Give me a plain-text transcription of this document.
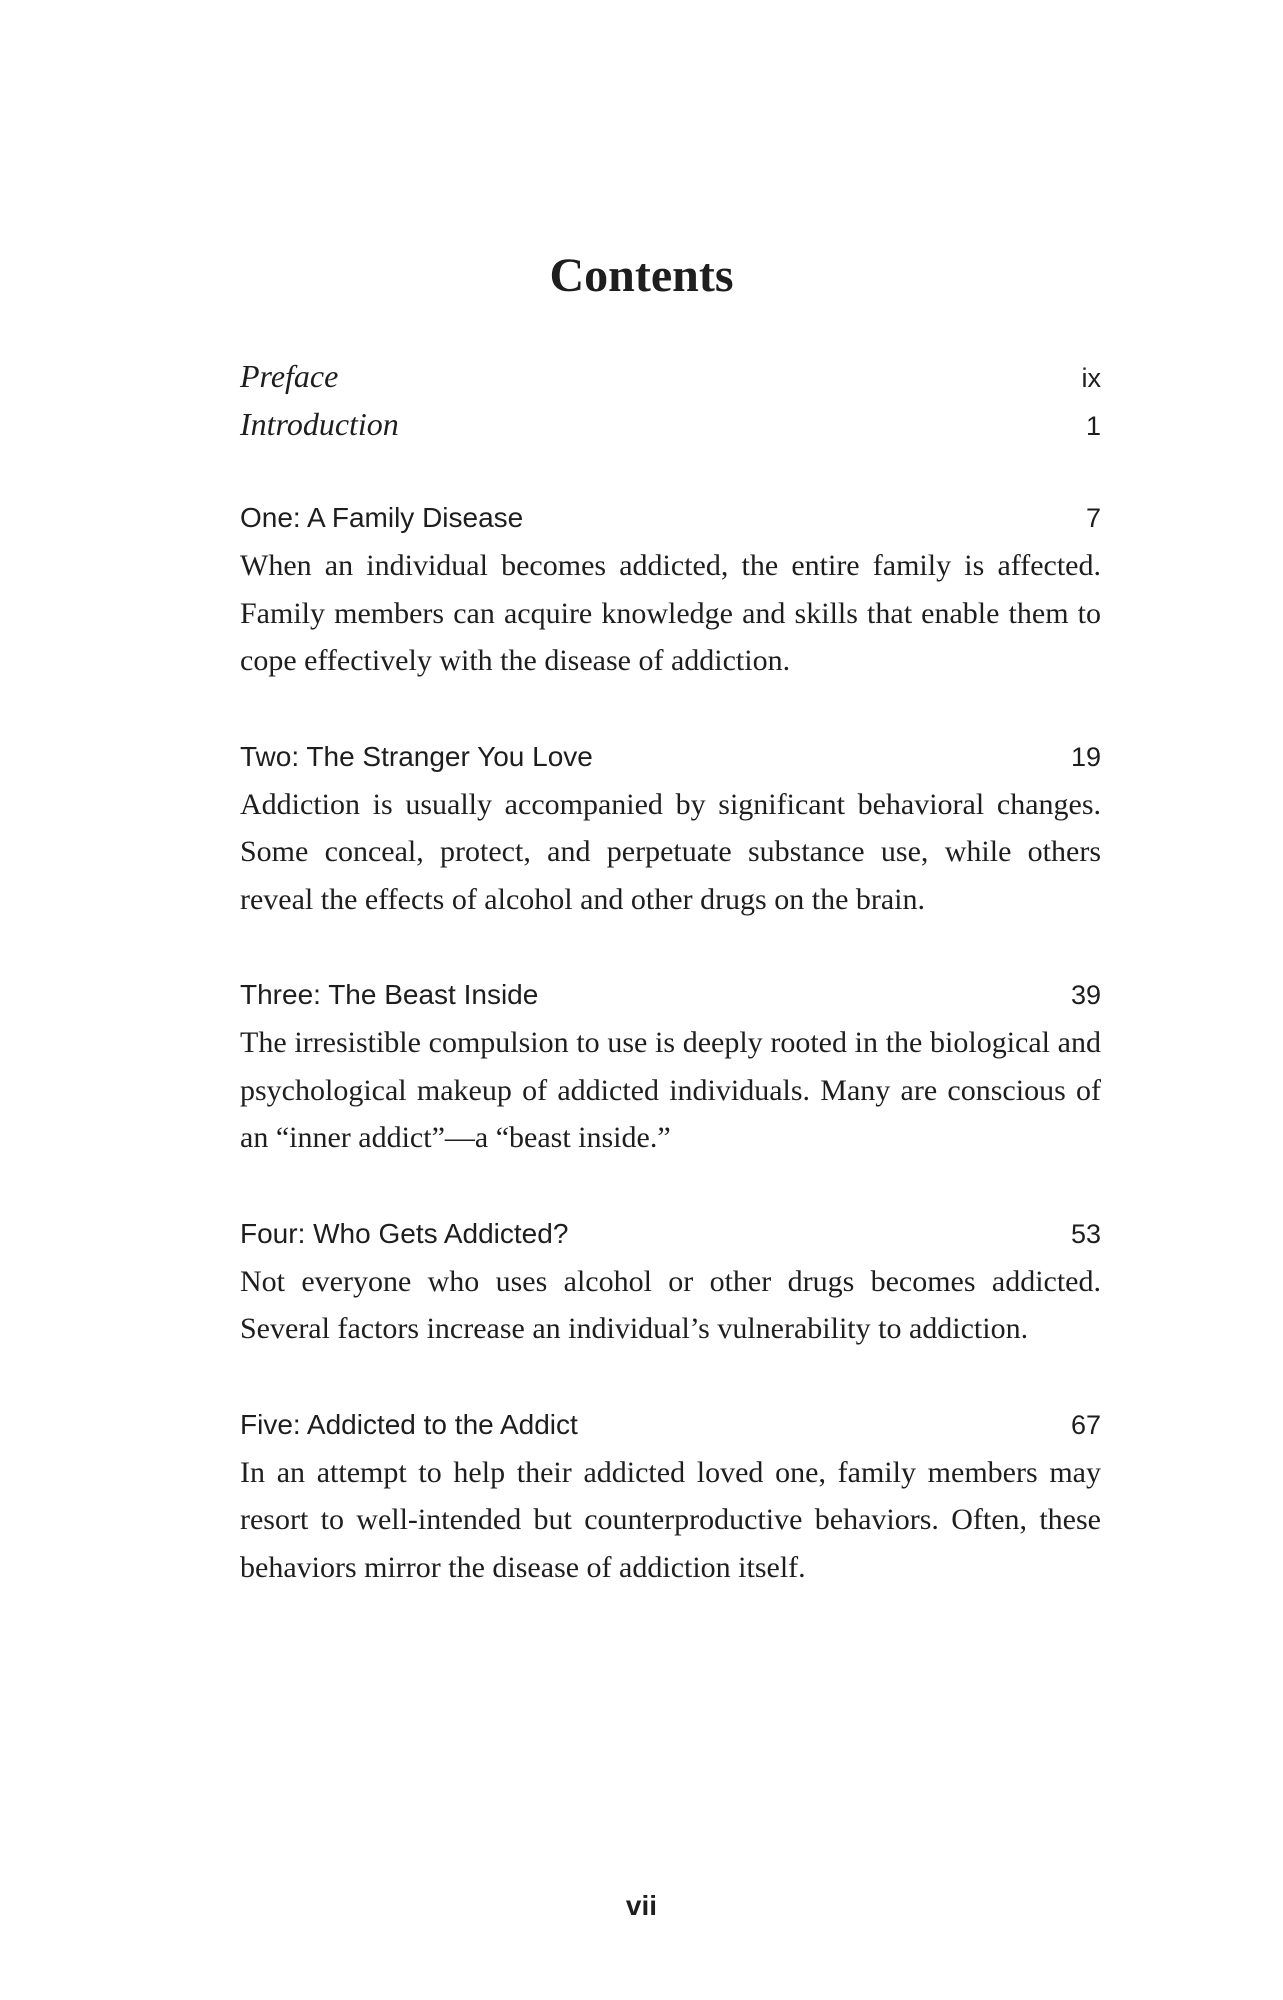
Contents
Preface	ix
Introduction	1
One: A Family Disease	7

When an individual becomes addicted, the entire family is affected. Family members can acquire knowledge and skills that enable them to cope effectively with the disease of addiction.

Two: The Stranger You Love	19

Addiction is usually accompanied by significant behavioral changes. Some conceal, protect, and perpetuate substance use, while others reveal the effects of alcohol and other drugs on the brain.

Three: The Beast Inside	39

The irresistible compulsion to use is deeply rooted in the biological and psychological makeup of addicted individuals. Many are conscious of an “inner addict”—a “beast inside.”

Four: Who Gets Addicted?	53

Not everyone who uses alcohol or other drugs becomes addicted. Several factors increase an individual’s vulnerability to addiction.

Five: Addicted to the Addict	67

In an attempt to help their addicted loved one, family members may resort to well-intended but counterproductive behaviors. Often, these behaviors mirror the disease of addiction itself.

vii
